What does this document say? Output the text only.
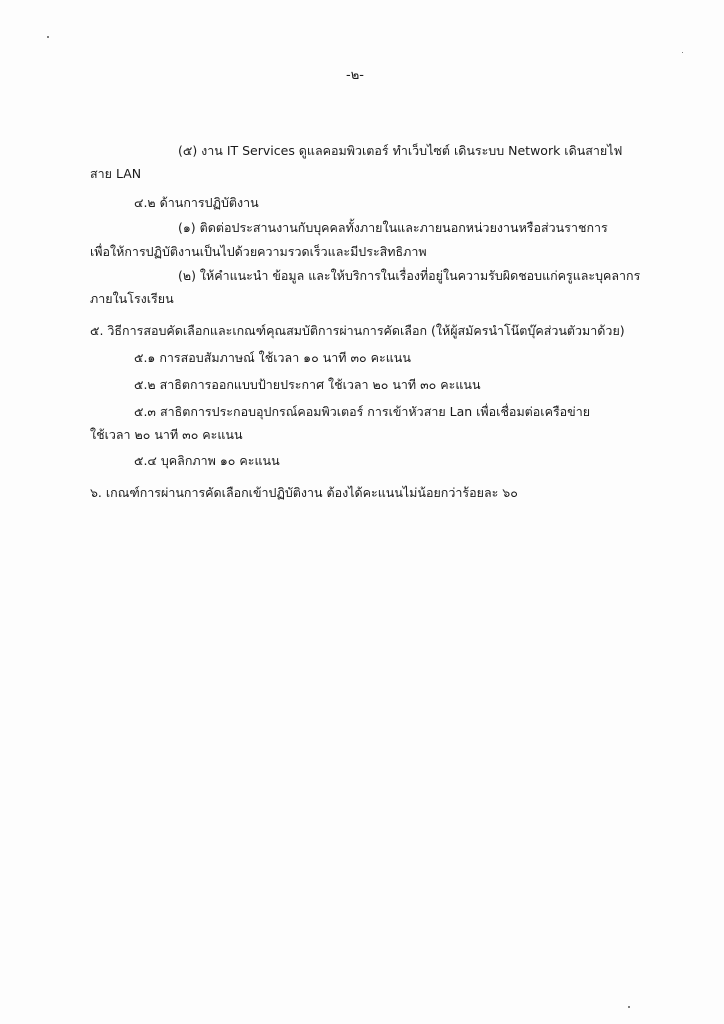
-๒-
(๕) งาน IT Services ดูแลคอมพิวเตอร์ ทำเว็บไซต์ เดินระบบ Network เดินสายไฟ
สาย LAN
๔.๒ ด้านการปฏิบัติงาน
(๑) ติดต่อประสานงานกับบุคคลทั้งภายในและภายนอกหน่วยงานหรือส่วนราชการ
เพื่อให้การปฏิบัติงานเป็นไปด้วยความรวดเร็วและมีประสิทธิภาพ
(๒) ให้คำแนะนำ ข้อมูล และให้บริการในเรื่องที่อยู่ในความรับผิดชอบแก่ครูและบุคลากร
ภายในโรงเรียน
๕. วิธีการสอบคัดเลือกและเกณฑ์คุณสมบัติการผ่านการคัดเลือก (ให้ผู้สมัครนำโน๊ตบุ๊คส่วนตัวมาด้วย)
๕.๑ การสอบสัมภาษณ์ ใช้เวลา ๑๐ นาที ๓๐ คะแนน
๕.๒ สาธิตการออกแบบป้ายประกาศ ใช้เวลา ๒๐ นาที ๓๐ คะแนน
๕.๓ สาธิตการประกอบอุปกรณ์คอมพิวเตอร์ การเข้าหัวสาย Lan เพื่อเชื่อมต่อเครือข่าย
ใช้เวลา ๒๐ นาที ๓๐ คะแนน
๕.๔ บุคลิกภาพ ๑๐ คะแนน
๖. เกณฑ์การผ่านการคัดเลือกเข้าปฏิบัติงาน ต้องได้คะแนนไม่น้อยกว่าร้อยละ ๖๐
